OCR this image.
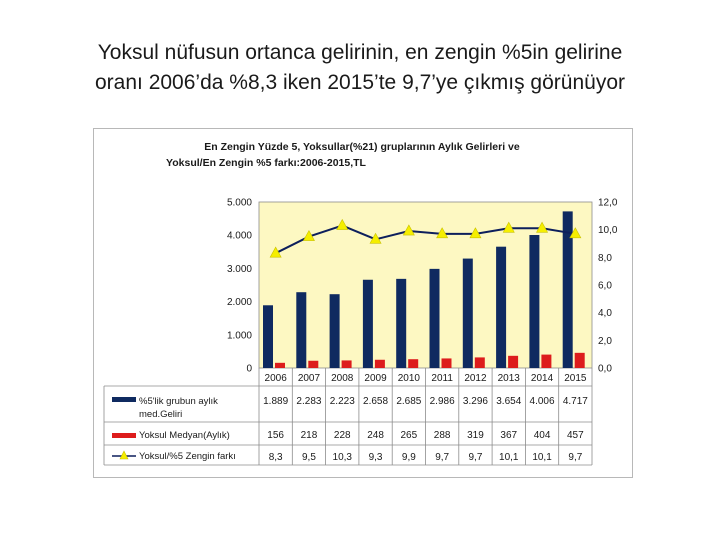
Yoksul nüfusun ortanca gelirinin, en zengin %5in gelirine
oranı 2006’da %8,3 iken 2015’te 9,7’ye çıkmış görünüyor
En Zengin Yüzde 5, Yoksullar(%21) gruplarının Aylık Gelirleri ve
Yoksul/En Zengin %5 farkı:2006-2015,TL
0
1.000
2.000
3.000
4.000
5.000
0,0
2,0
4,0
6,0
8,0
10,0
12,0
2006 2007 2008 2009 2010 2011 2012 2013 2014 2015
%5'lik grubun aylık
med.Geliri
Yoksul Medyan(Aylık)
Yoksul/%5 Zengin farkı
1.889 2.283 2.223 2.658 2.685 2.986 3.296 3.654 4.006 4.717
156 218 228 248 265 288 319 367 404 457
8,3 9,5 10,3 9,3 9,9 9,7 9,7 10,1 10,1 9,7
